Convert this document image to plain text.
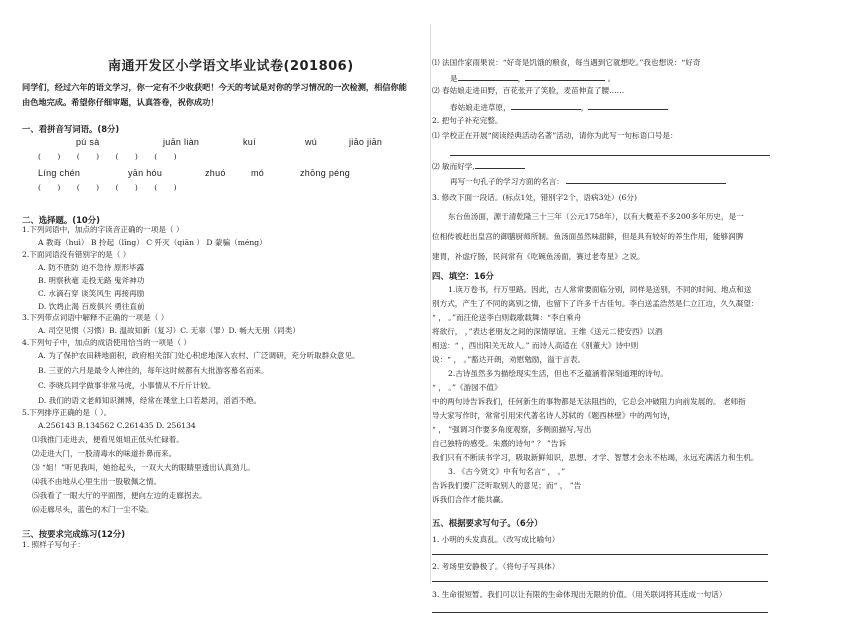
南通开发区小学语文毕业试卷(201806)
同学们，经过六年的语文学习，你一定有不少收获吧！今天的考试是对你的学习情况的一次检测，相信你能由色地完成。希望你仔细审题，认真答卷，祝你成功！
一、看拼音写词语。(8分)
pú sà	juān liàn	kuí	wú	jiāo jiān
( ) ( ) ( ) ( )
Líng chén	yān hóu	zhuó	mó	zhōng péng
( ) ( ) ( ) ( )
二、选择题。(10分)
1.下列词语中，加点的字读音正确的一项是（ ）
A 教诲（huì） B 拎起（lǐng） C 歼灭（qiān ） D 蒙骗（méng）
2.下面词语没有错别字的是（ ）
A. 防不胜防 迫不急待 原形毕露
B. 明察秋毫 走投无路 鬼斧神功
C. 水滴石穿 谈笑风生 再接再励
D. 饮鸩止渴 百废俱兴 勇往直前
3.下列带点词语中解释不正确的一项是（ ）
A. 司空见惯（习惯）B. 温故知新（复习）C. 无辜（罪）D. 畅大无朋（同类）
4.下列句子中，加点的成语使用恰当的一项是（ ）
A. 为了保护农田耕地面积，政府相关部门处心积虑地深入农村、广泛调研，充分听取群众意见。
B. 三亚的六月是最令人神往的，每年这时候都有大批游客慕名而来。
C. 李晓兵同学做事非常马虎，小事情从不斤斤计较。
D. 我们的语文老师知识渊博，经常在课堂上口若悬河，滔滔不绝。
5.下列排序正确的是（ ）。
A.256143 B.134562 C.261435 D. 256134
⑴我推门走进去，便看见姐姐正低头忙碌着。
⑵走进大门，一股清毒水的味道扑鼻而来。
⑶ “姐！”听见我叫，她抬起头，一双大大的眼睛里透出认真劲儿。
⑷我不由地从心里生出一股敬佩之情。
⑸我看了一眼大厅的平面图，便向左边的走廊拐去。
⑹走廊尽头，蓝色的木门一尘不染。
三、按要求完成练习(12分)
1. 照样子写句子：
⑴ 法国作家雨果说：“好奇是饥饿的粮食，每当遇到它就想吃。”我也想说：“好奇
是	，	。
⑵ 春姑娘走进田野，百花张开了笑脸，麦苗伸直了腰……
春姑娘走进草原，	，
2. 把句子补充完整。
⑴ 学校正在开展“阅读经典活动名著”活动，请你为此写一句标语口号是：
⑵ 敏而好学,
再写一句孔子的学习方面的名言：
3. 修改下面一段话。(标点1处，错别字2个，语病3处）(6分)
东台鱼汤面，源于清乾隆三十三年（公元1758年），以有大概差不多200多年历史，是一
位相传被赶出皇宫的御膳厨师所制。鱼汤面虽然味甜鲜，但是具有较好的养生作用，能够润脾
建胃，补虚疗肠，民间常有《吃碗鱼汤面，赛过老寿星》之说。
四、填空：16分
1.读万卷书，行万里路。因此，古人常常要面临分别，同样是送别，不同的时间、地点和送
别方式，产生了不同的离别之情，也留下了许多千古佳句。李白送孟浩然是仁立江边，久久凝望：
“ ， 。”而汪伦送李白则载歌载舞：“李白乘舟
将欲行， ，”表达老朋友之间的深情厚谊。王维《送元二使安西》以酒
相送：“ ，西出阳关无故人。” 而诗人高适在《别董大》诗中则
说：“ ， 。”豁达开朗，劝慰勉励，溢于言表。
2.古诗虽然多为描绘现实生活，但也不乏蕴涵着深刻道理的诗句。
“ ， 。”《游园不值》
中的两句诗告诉我们，任何新生的事物都是无法阻挡的，它总会冲破阻力向前发展的。 老师指
导大家写作时，常常引用宋代著名诗人苏轼的《题西林壁》中的两句诗，
“ ， ”强调习作要多角度观察，多侧面描写,写出
自己独特的感受。朱熹的诗句“ ？ ”告诉
我们只有不断读书学习，吸取新鲜知识，思想、才学、智慧才会永不枯竭，永远充满活力和生机。
3. 《古今贤文》中有句名言“ ， 。”
告诉我们要广泛听取别人的意见；而“ ， ”告
诉我们合作才能共赢。
五、根据要求写句子。（6分）
1. 小明的头发真乱。（改写成比喻句）
2. 考场里安静极了。（将句子写具体）
3. 生命很短暂。我们可以让有限的生命体现出无限的价值。（用关联词将其连成一句话）
